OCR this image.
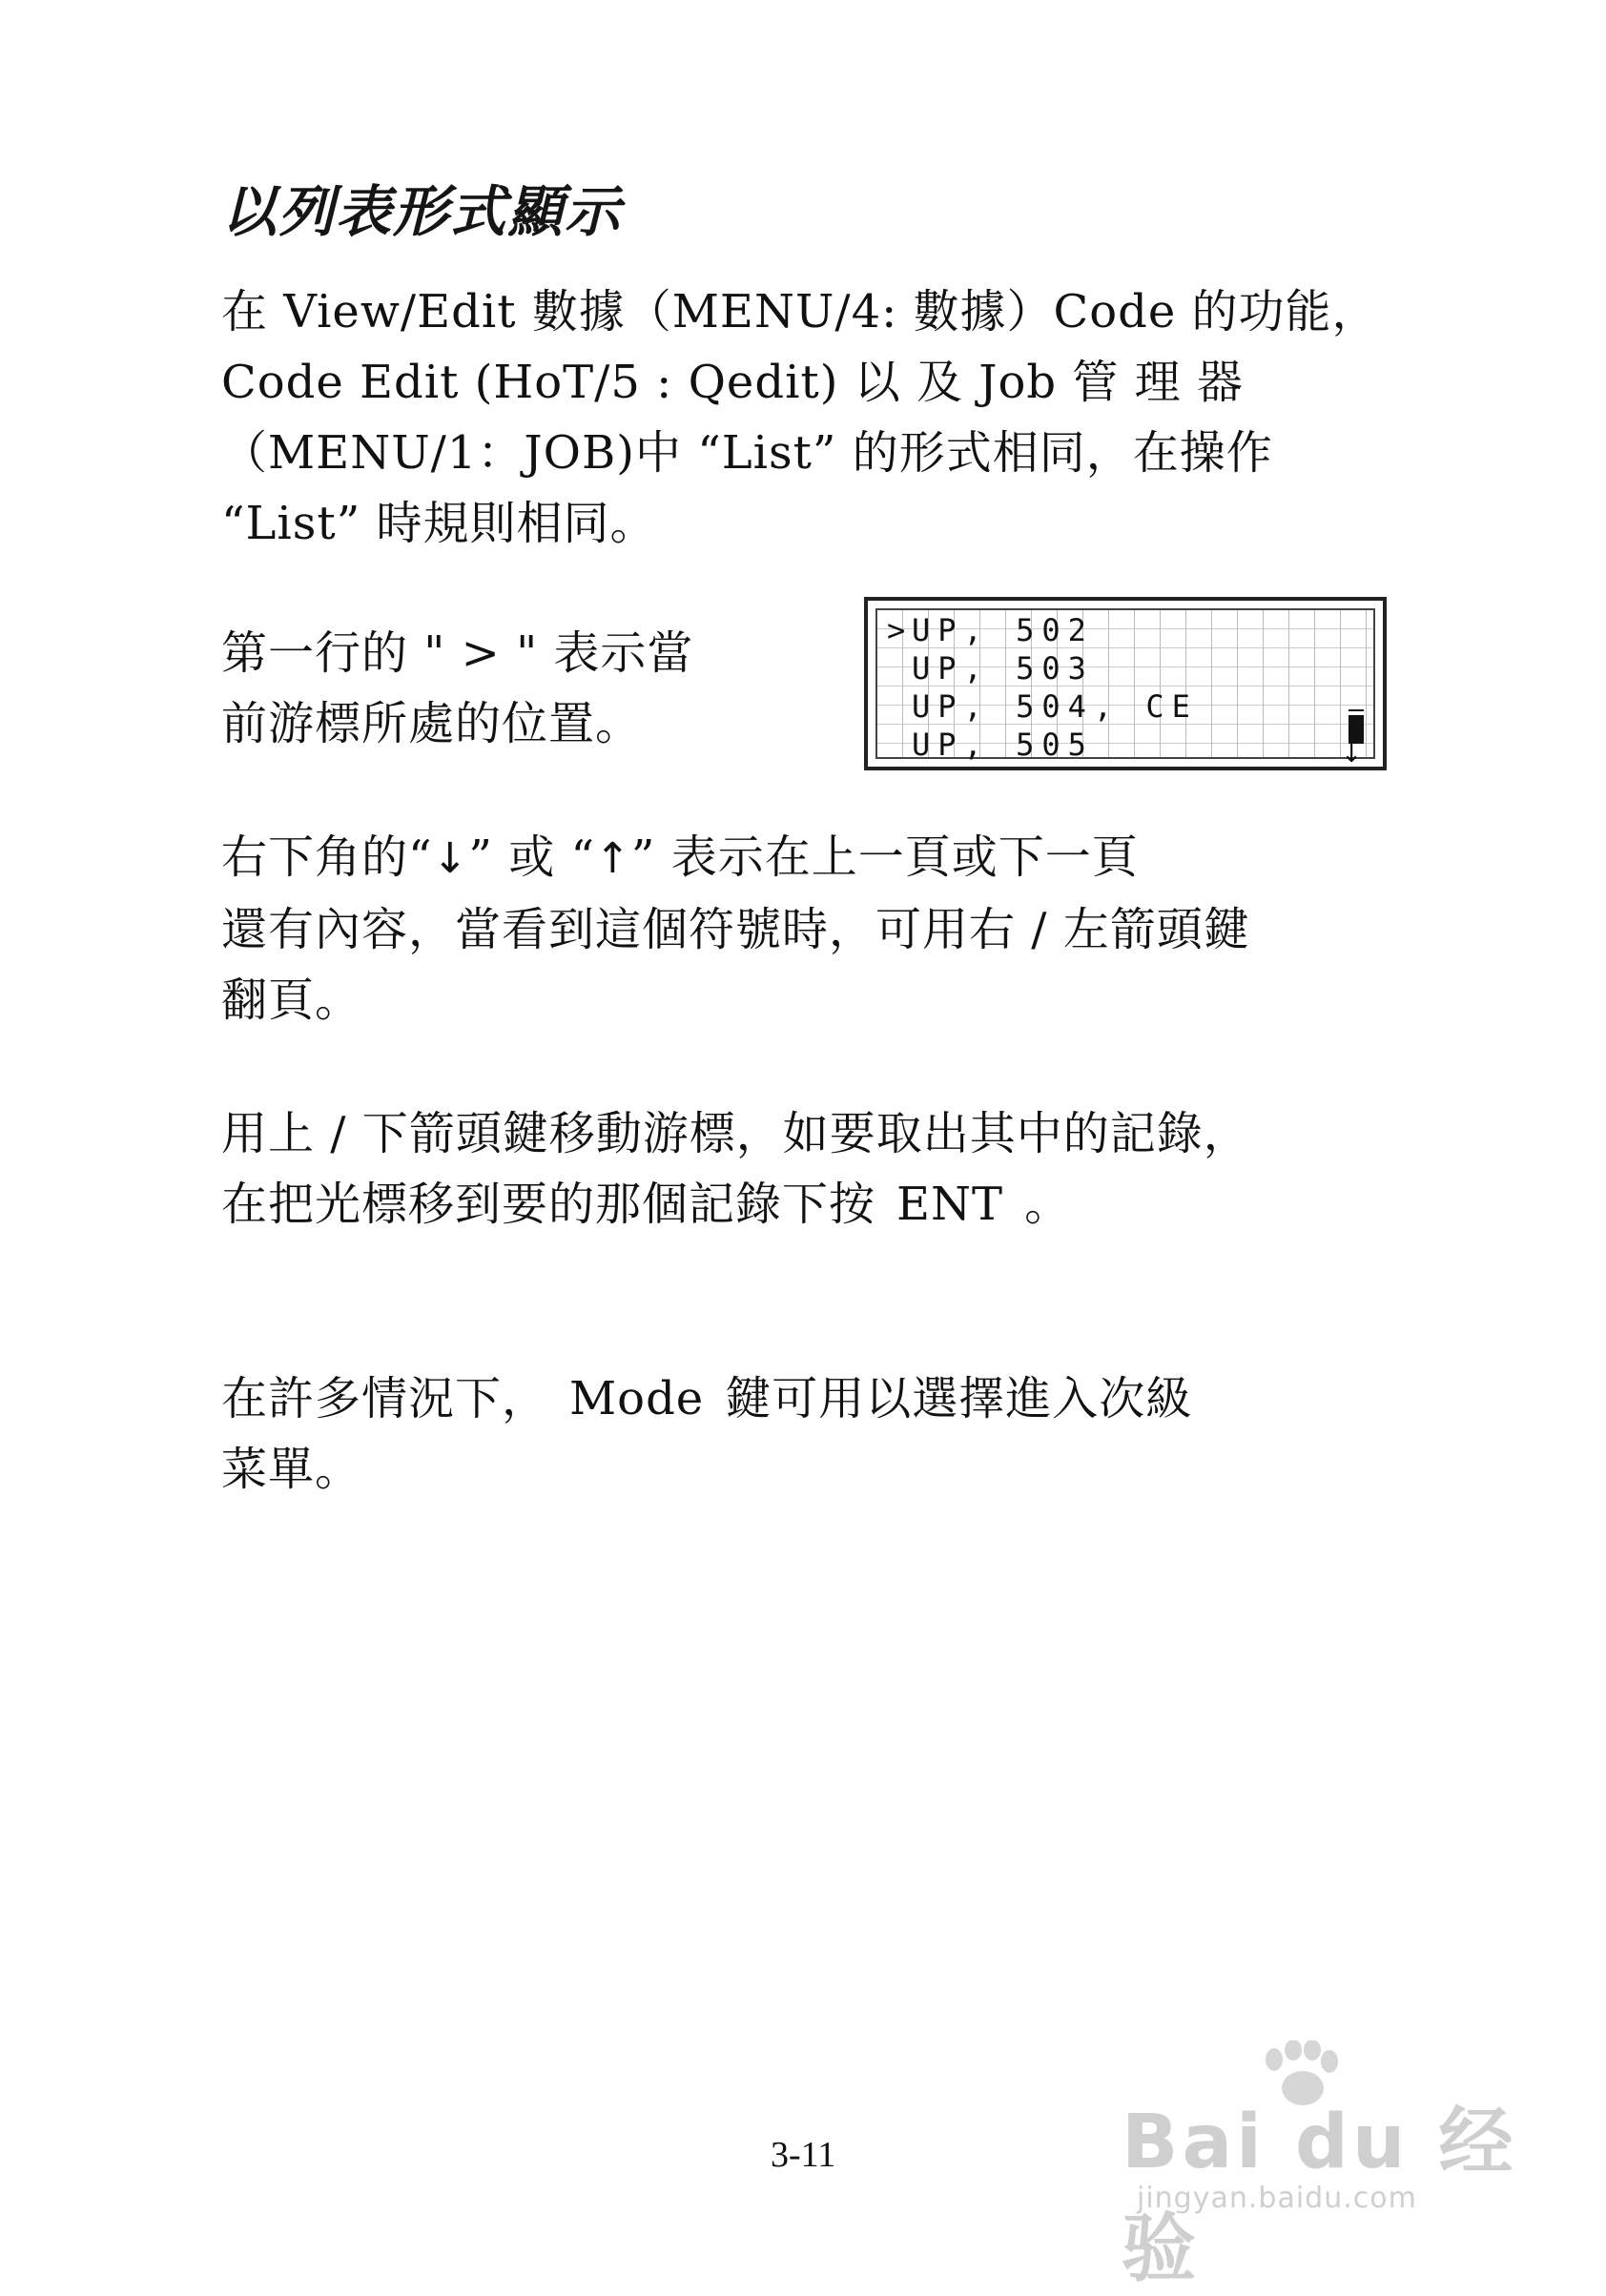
以列表形式顯示
在 View/Edit 數據（MENU/4: 數據）Code 的功能，
Code Edit (HoT/5 : Qedit) 以 及 Job 管 理 器
（MENU/1：JOB)中 “List” 的形式相同，在操作
“List” 時規則相同。
第一行的 " > " 表示當
前游標所處的位置。
> UP, 502
UP, 503
UP, 504, CE
UP, 505	↓
右下角的“↓” 或 “↑” 表示在上一頁或下一頁
還有內容，當看到這個符號時，可用右 / 左箭頭鍵
翻頁。
用上 / 下箭頭鍵移動游標，如要取出其中的記錄，
在把光標移到要的那個記錄下按 ENT 。
在許多情況下， Mode 鍵可用以選擇進入次級
菜單。
3-11	Bai du 经验
jingyan.baidu.com
